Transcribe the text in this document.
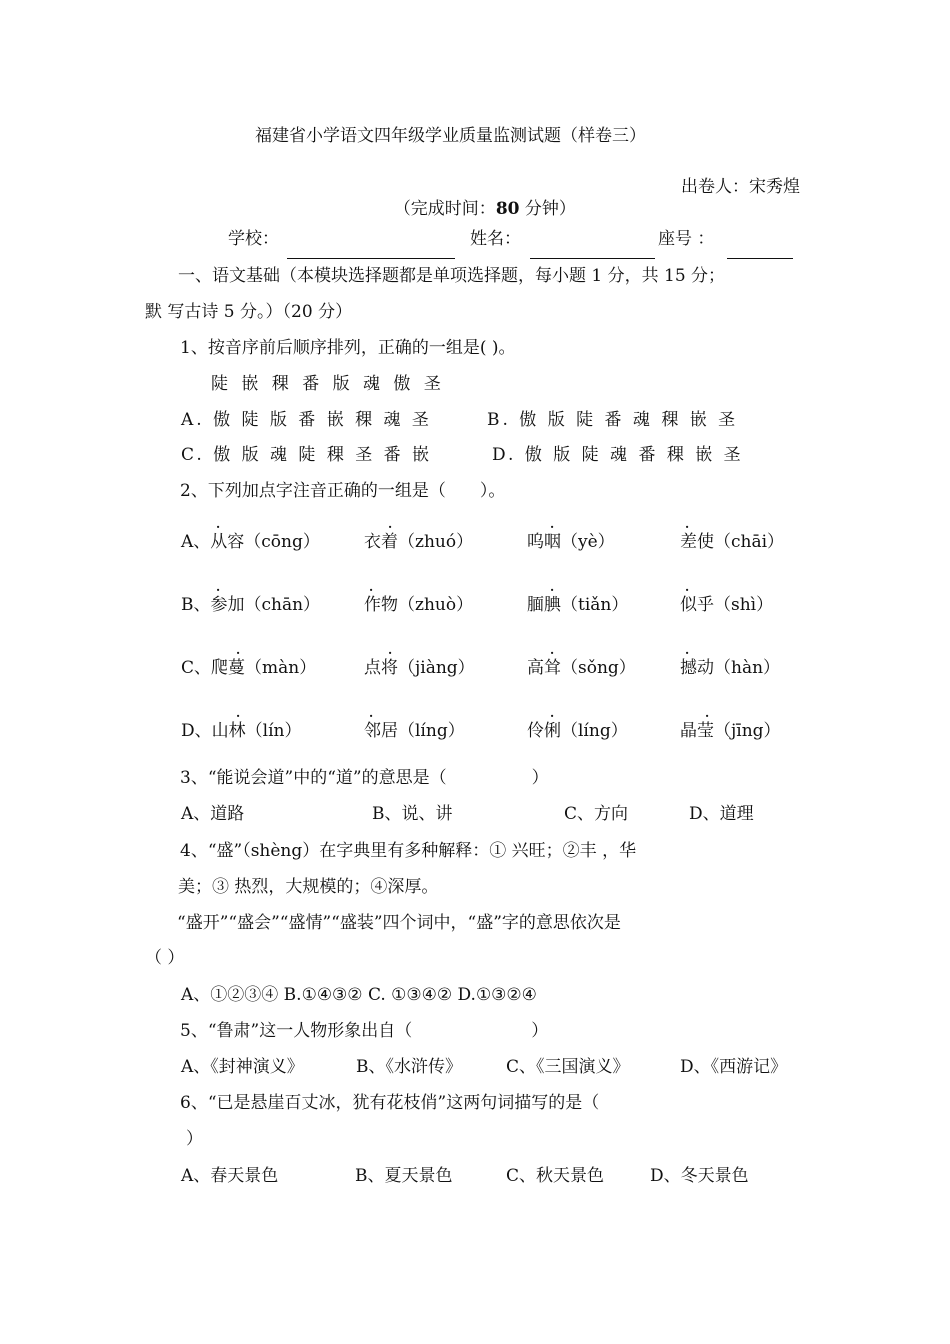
福建省小学语文四年级学业质量监测试题（样卷三）

（完成时间：80 分钟）

出卷人：宋秀煌
学校：	姓名：	座号 ：
一、语文基础（本模块选择题都是单项选择题，每小题 1 分，共 15 分；
默 写古诗 5 分。）（20 分）
1、按音序前后顺序排列，正确的一组是( )。
陡 嵌 稞 番 版 魂 傲 圣
A. 傲 陡 版 番 嵌 稞 魂 圣	B. 傲 版 陡 番 魂 稞 嵌 圣
C. 傲 版 魂 陡 稞 圣 番 嵌	D. 傲 版 陡 魂 番 稞 嵌 圣
2、下列加点字注音正确的一组是（　　）。
.	.	.	.
A、从容（cōng）	衣着（zhuó）	呜咽（yè）	差使（chāi）
.	.	.	.
B、参加（chān）	作物（zhuò）	腼腆（tiǎn）	似乎（shì）
.	.	.	.
C、爬蔓（màn）	点将（jiàng）	高耸（sǒng）	撼动（hàn）
.	.	.	.
D、山林（lín）	邻居（líng）	伶俐（líng）	晶莹（jīng）
3、“能说会道”中的“道”的意思是（　　　　　）
A、道路	B、说、讲	C、方向	D、道理
4、“盛”（shèng）在字典里有多种解释：① 兴旺；②丰 ，华
美；③ 热烈，大规模的；④深厚。
“盛开”“盛会”“盛情”“盛装”四个词中，“盛”字的意思依次是
（ ）
A、①②③④ B.①④③② C. ①③④② D.①③②④
5、“鲁肃”这一人物形象出自（　　　　　　　）
A、《封神演义》	B、《水浒传》	C、《三国演义》	D、《西游记》
6、“已是悬崖百丈冰，犹有花枝俏”这两句词描写的是（
）
A、春天景色	B、夏天景色	C、秋天景色	D、冬天景色
